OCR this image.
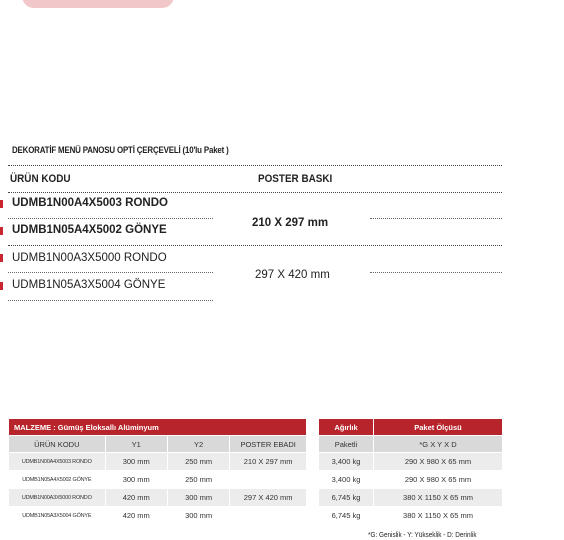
DEKORATİF MENÜ PANOSU OPTİ ÇERÇEVELİ (10'lu Paket )
ÜRÜN KODU	POSTER BASKI
UDMB1N00A4X5003 RONDO
UDMB1N05A4X5002 GÖNYE
210 X 297 mm
UDMB1N00A3X5000 RONDO
UDMB1N05A3X5004 GÖNYE
297 X 420 mm
MALZEME : Gümüş Eloksallı Alüminyum			
ÜRÜN KODU	Y1	Y2	POSTER EBADI
UDMB1N00A4X5003 RONDO	300 mm	250 mm	210 X 297 mm
UDMB1N05A4X5002 GÖNYE	300 mm	250 mm	
UDMB1N00A3X5000 RONDO	420 mm	300 mm	297 X 420 mm
UDMB1N05A3X5004 GÖNYE	420 mm	300 mm	
Ağırlık	Paket Ölçüsü
Paketli	*G X Y X D
3,400 kg	290 X 980 X 65 mm
3,400 kg	290 X 980 X 65 mm
6,745 kg	380 X 1150 X 65 mm
6,745 kg	380 X 1150 X 65 mm
*G: Genislik - Y: Yükseklik - D: Derinlik
